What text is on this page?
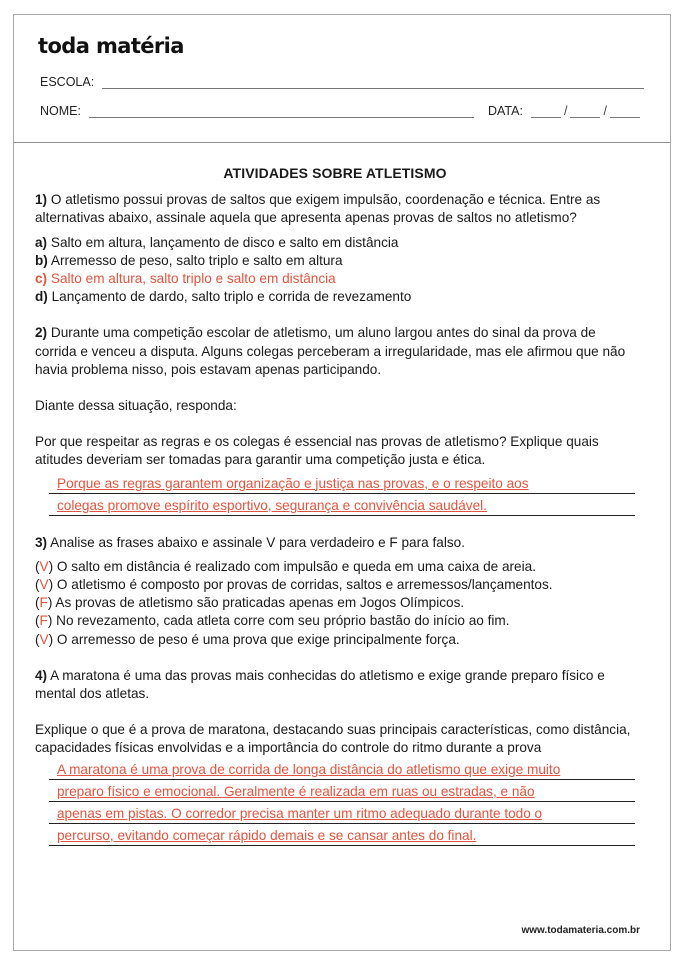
toda matéria
ESCOLA:
NOME:	DATA:	/	/
www.todamateria.com.br
ATIVIDADES SOBRE ATLETISMO

1) O atletismo possui provas de saltos que exigem impulsão, coordenação e técnica. Entre as alternativas abaixo, assinale aquela que apresenta apenas provas de saltos no atletismo?

a) Salto em altura, lançamento de disco e salto em distância

b) Arremesso de peso, salto triplo e salto em altura

c) Salto em altura, salto triplo e salto em distância

d) Lançamento de dardo, salto triplo e corrida de revezamento

2) Durante uma competição escolar de atletismo, um aluno largou antes do sinal da prova de corrida e venceu a disputa. Alguns colegas perceberam a irregularidade, mas ele afirmou que não havia problema nisso, pois estavam apenas participando.

Diante dessa situação, responda:

Por que respeitar as regras e os colegas é essencial nas provas de atletismo? Explique quais atitudes deveriam ser tomadas para garantir uma competição justa e ética.

Porque as regras garantem organização e justiça nas provas, e o respeito aos
colegas promove espírito esportivo, segurança e convivência saudável.

3) Analise as frases abaixo e assinale V para verdadeiro e F para falso.

(V) O salto em distância é realizado com impulsão e queda em uma caixa de areia.

(V) O atletismo é composto por provas de corridas, saltos e arremessos/lançamentos.

(F) As provas de atletismo são praticadas apenas em Jogos Olímpicos.

(F) No revezamento, cada atleta corre com seu próprio bastão do início ao fim.

(V) O arremesso de peso é uma prova que exige principalmente força.

4) A maratona é uma das provas mais conhecidas do atletismo e exige grande preparo físico e mental dos atletas.

Explique o que é a prova de maratona, destacando suas principais características, como distância, capacidades físicas envolvidas e a importância do controle do ritmo durante a prova

A maratona é uma prova de corrida de longa distância do atletismo que exige muito
preparo físico e emocional. Geralmente é realizada em ruas ou estradas, e não
apenas em pistas. O corredor precisa manter um ritmo adequado durante todo o
percurso, evitando começar rápido demais e se cansar antes do final.
